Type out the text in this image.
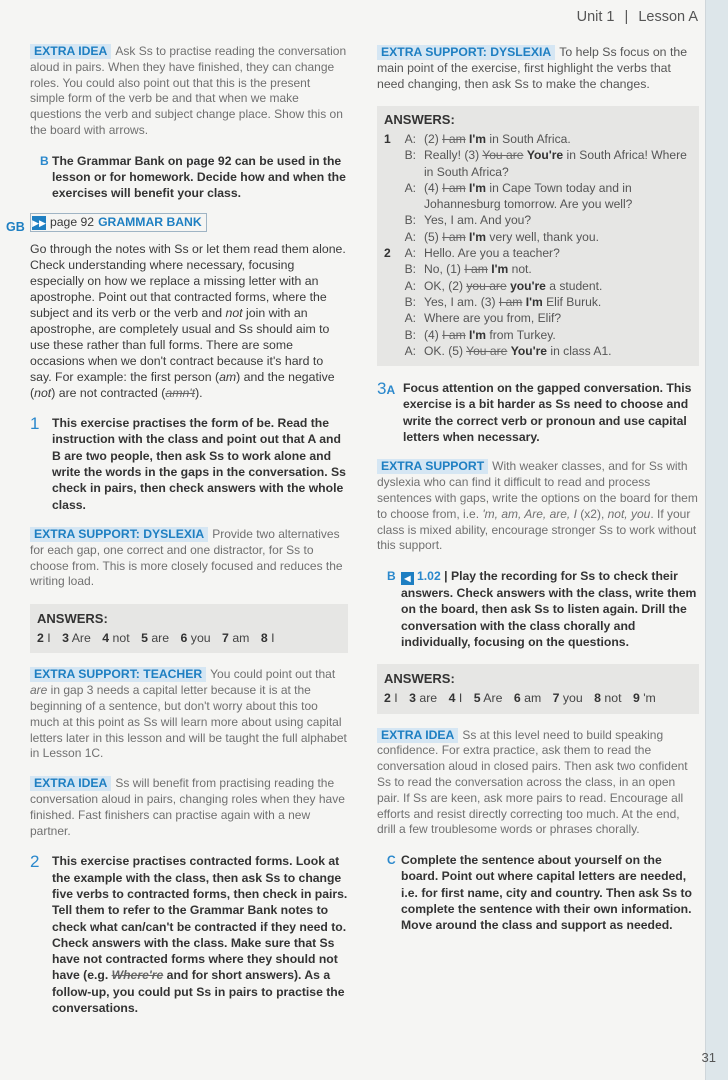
Unit 1 | Lesson A
GB

EXTRA IDEA Ask Ss to practise reading the conversation aloud in pairs. When they have finished, they can change roles. You could also point out that this is the present simple form of the verb be and that when we make questions the verb and subject change place. Show this on the board with arrows.

B The Grammar Bank on page 92 can be used in the lesson or for homework. Decide how and when the exercises will benefit your class.

▶▶ page 92 GRAMMAR BANK

Go through the notes with Ss or let them read them alone. Check understanding where necessary, focusing especially on how we replace a missing letter with an apostrophe. Point out that contracted forms, where the subject and its verb or the verb and not join with an apostrophe, are completely usual and Ss should aim to use these rather than full forms. There are some occasions when we don't contract because it's hard to say. For example: the first person (am) and the negative (not) are not contracted (amn't).

1	This exercise practises the form of be. Read the instruction with the class and point out that A and B are two people, then ask Ss to work alone and write the words in the gaps in the conversation. Ss check in pairs, then check answers with the whole class.

EXTRA SUPPORT: DYSLEXIA Provide two alternatives for each gap, one correct and one distractor, for Ss to choose from. This is more closely focused and reduces the writing load.

ANSWERS:
2 I 3 Are 4 not 5 are 6 you 7 am 8 I

EXTRA SUPPORT: TEACHER You could point out that are in gap 3 needs a capital letter because it is at the beginning of a sentence, but don't worry about this too much at this point as Ss will learn more about using capital letters later in this lesson and will be taught the full alphabet in Lesson 1C.

EXTRA IDEA Ss will benefit from practising reading the conversation aloud in pairs, changing roles when they have finished. Fast finishers can practise again with a new partner.

2	This exercise practises contracted forms. Look at the example with the class, then ask Ss to change five verbs to contracted forms, then check in pairs. Tell them to refer to the Grammar Bank notes to check what can/can't be contracted if they need to. Check answers with the class. Make sure that Ss have not contracted forms where they should not have (e.g. Where're and for short answers). As a follow-up, you could put Ss in pairs to practise the conversations.

EXTRA SUPPORT: DYSLEXIA To help Ss focus on the main point of the exercise, first highlight the verbs that need changing, then ask Ss to make the changes.

ANSWERS:
1	A: (2) I am I'm in South Africa.
B: Really! (3) You are You're in South Africa! Where in South Africa?
A: (4) I am I'm in Cape Town today and in Johannesburg tomorrow. Are you well?
B: Yes, I am. And you?
A: (5) I am I'm very well, thank you.
2	A: Hello. Are you a teacher?
B: No, (1) I am I'm not.
A: OK, (2) you are you're a student.
B: Yes, I am. (3) I am I'm Elif Buruk.
A: Where are you from, Elif?
B: (4) I am I'm from Turkey.
A: OK. (5) You are You're in class A1.
3A Focus attention on the gapped conversation. This exercise is a bit harder as Ss need to choose and write the correct verb or pronoun and use capital letters when necessary.

EXTRA SUPPORT With weaker classes, and for Ss with dyslexia who can find it difficult to read and process sentences with gaps, write the options on the board for them to choose from, i.e. 'm, am, Are, are, I (x2), not, you. If your class is mixed ability, encourage stronger Ss to work without this support.

B	◀ 1.02 | Play the recording for Ss to check their answers. Check answers with the class, write them on the board, then ask Ss to listen again. Drill the conversation with the class chorally and individually, focusing on the questions.

ANSWERS:
2 I 3 are 4 I 5 Are 6 am 7 you 8 not 9 'm

EXTRA IDEA Ss at this level need to build speaking confidence. For extra practice, ask them to read the conversation aloud in closed pairs. Then ask two confident Ss to read the conversation across the class, in an open pair. If Ss are keen, ask more pairs to read. Encourage all efforts and resist directly correcting too much. At the end, drill a few troublesome words or phrases chorally.

C Complete the sentence about yourself on the board. Point out where capital letters are needed, i.e. for first name, city and country. Then ask Ss to complete the sentence with their own information. Move around the class and support as needed.

31
